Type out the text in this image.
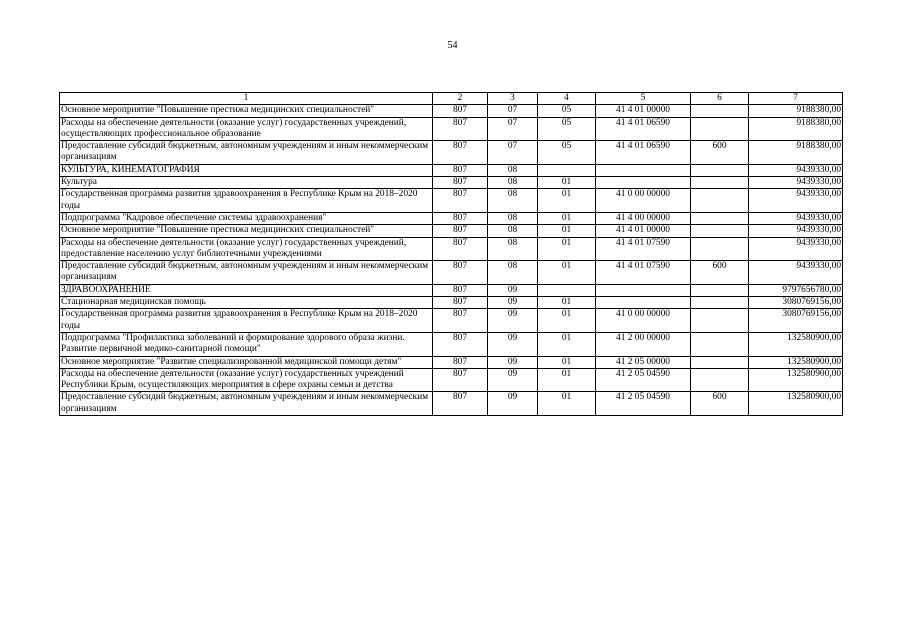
54
1	2	3	4	5	6	7
Основное мероприятие "Повышение престижа медицинских специальностей"	807	07	05	41 4 01 00000		9188380,00
Расходы на обеспечение деятельности (оказание услуг) государственных учреждений, осуществляющих профессиональное образование	807	07	05	41 4 01 06590		9188380,00
Предоставление субсидий бюджетным, автономным учреждениям и иным некоммерческим организациям	807	07	05	41 4 01 06590	600	9188380,00
КУЛЬТУРА, КИНЕМАТОГРАФИЯ	807	08				9439330,00
Культура	807	08	01			9439330,00
Государственная программа развития здравоохранения в Республике Крым на 2018–2020 годы	807	08	01	41 0 00 00000		9439330,00
Подпрограмма "Кадровое обеспечение системы здравоохранения"	807	08	01	41 4 00 00000		9439330,00
Основное мероприятие "Повышение престижа медицинских специальностей"	807	08	01	41 4 01 00000		9439330,00
Расходы на обеспечение деятельности (оказание услуг) государственных учреждений, предоставление населению услуг библиотечными учреждениями	807	08	01	41 4 01 07590		9439330,00
Предоставление субсидий бюджетным, автономным учреждениям и иным некоммерческим организациям	807	08	01	41 4 01 07590	600	9439330,00
ЗДРАВООХРАНЕНИЕ	807	09				9797656780,00
Стационарная медицинская помощь	807	09	01			3080769156,00
Государственная программа развития здравоохранения в Республике Крым на 2018–2020 годы	807	09	01	41 0 00 00000		3080769156,00
Подпрограмма "Профилактика заболеваний и формирование здорового образа жизни. Развитие первичной медико-санитарной помощи"	807	09	01	41 2 00 00000		132580900,00
Основное мероприятие "Развитие специализированной медицинской помощи детям"	807	09	01	41 2 05 00000		132580900,00
Расходы на обеспечение деятельности (оказание услуг) государственных учреждений Республики Крым, осуществляющих мероприятия в сфере охраны семьи и детства	807	09	01	41 2 05 04590		132580900,00
Предоставление субсидий бюджетным, автономным учреждениям и иным некоммерческим организациям	807	09	01	41 2 05 04590	600	132580900,00
